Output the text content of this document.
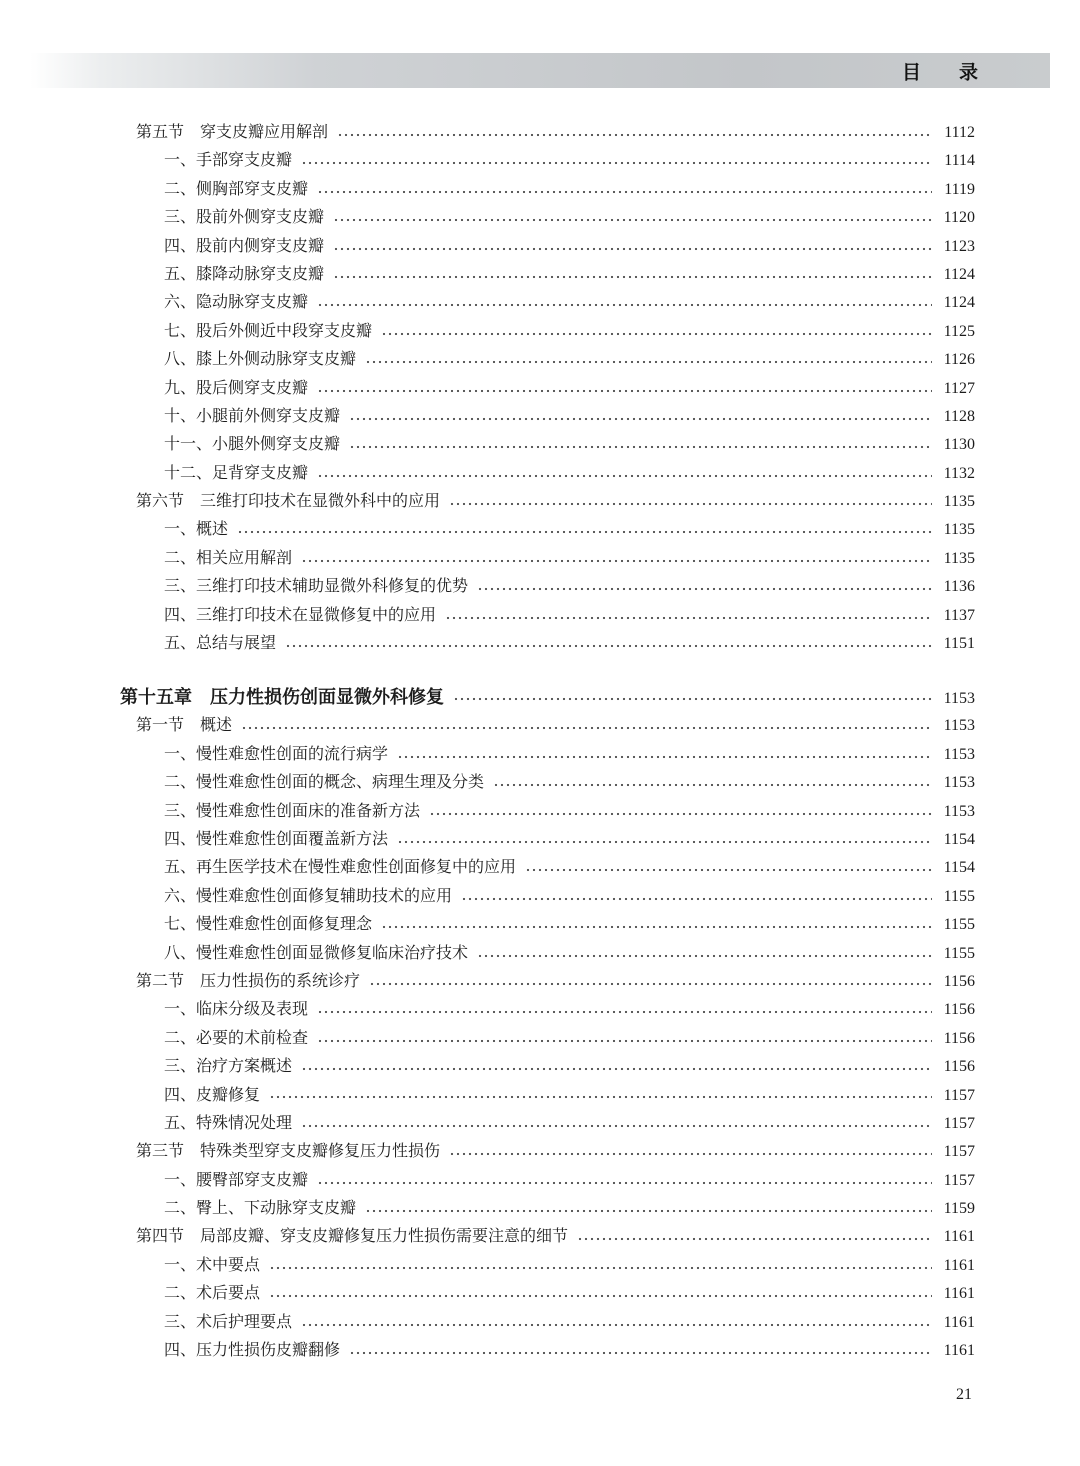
目　　录
第五节　穿支皮瓣应用解剖	1112
一、手部穿支皮瓣	1114
二、侧胸部穿支皮瓣	1119
三、股前外侧穿支皮瓣	1120
四、股前内侧穿支皮瓣	1123
五、膝降动脉穿支皮瓣	1124
六、隐动脉穿支皮瓣	1124
七、股后外侧近中段穿支皮瓣	1125
八、膝上外侧动脉穿支皮瓣	1126
九、股后侧穿支皮瓣	1127
十、小腿前外侧穿支皮瓣	1128
十一、小腿外侧穿支皮瓣	1130
十二、足背穿支皮瓣	1132
第六节　三维打印技术在显微外科中的应用	1135
一、概述	1135
二、相关应用解剖	1135
三、三维打印技术辅助显微外科修复的优势	1136
四、三维打印技术在显微修复中的应用	1137
五、总结与展望	1151
第十五章　压力性损伤创面显微外科修复	1153
第一节　概述	1153
一、慢性难愈性创面的流行病学	1153
二、慢性难愈性创面的概念、病理生理及分类	1153
三、慢性难愈性创面床的准备新方法	1153
四、慢性难愈性创面覆盖新方法	1154
五、再生医学技术在慢性难愈性创面修复中的应用	1154
六、慢性难愈性创面修复辅助技术的应用	1155
七、慢性难愈性创面修复理念	1155
八、慢性难愈性创面显微修复临床治疗技术	1155
第二节　压力性损伤的系统诊疗	1156
一、临床分级及表现	1156
二、必要的术前检查	1156
三、治疗方案概述	1156
四、皮瓣修复	1157
五、特殊情况处理	1157
第三节　特殊类型穿支皮瓣修复压力性损伤	1157
一、腰臀部穿支皮瓣	1157
二、臀上、下动脉穿支皮瓣	1159
第四节　局部皮瓣、穿支皮瓣修复压力性损伤需要注意的细节	1161
一、术中要点	1161
二、术后要点	1161
三、术后护理要点	1161
四、压力性损伤皮瓣翻修	1161
21
